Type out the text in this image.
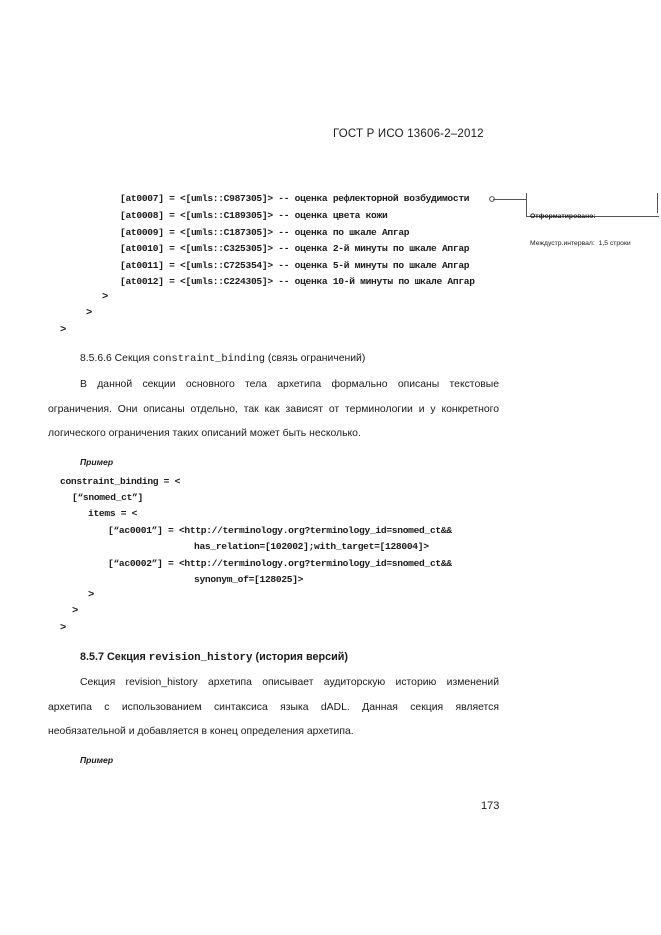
ГОСТ Р ИСО 13606-2–2012
[at0007] = <[umls::C987305]> -- оценка рефлекторной возбудимости
[at0008] = <[umls::C189305]> -- оценка цвета кожи
[at0009] = <[umls::C187305]> -- оценка по шкале Апгар
[at0010] = <[umls::C325305]> -- оценка 2-й минуты по шкале Апгар
[at0011] = <[umls::C725354]> -- оценка 5-й минуты по шкале Апгар
[at0012] = <[umls::C224305]> -- оценка 10-й минуты по шкале Апгар
>
>
>

Отформатировано:

Междустр.интервал:  1,5 строки

8.5.6.6 Секция constraint_binding (связь ограничений)
В данной секции основного тела архетипа формально описаны текстовые
ограничения. Они описаны отдельно, так как зависят от терминологии и у конкретного
логического ограничения таких описаний может быть несколько.
Пример
constraint_binding = <
[“snomed_ct”]
items = <
[“ac0001”] = <http://terminology.org?terminology_id=snomed_ct&&
has_relation=[102002];with_target=[128004]>
[“ac0002”] = <http://terminology.org?terminology_id=snomed_ct&&
synonym_of=[128025]>
>
>
>
8.5.7 Секция revision_history (история версий)
Секция revision_history архетипа описывает аудиторскую историю изменений
архетипа с использованием синтаксиса языка dADL. Данная секция является
необязательной и добавляется в конец определения архетипа.
Пример
173
